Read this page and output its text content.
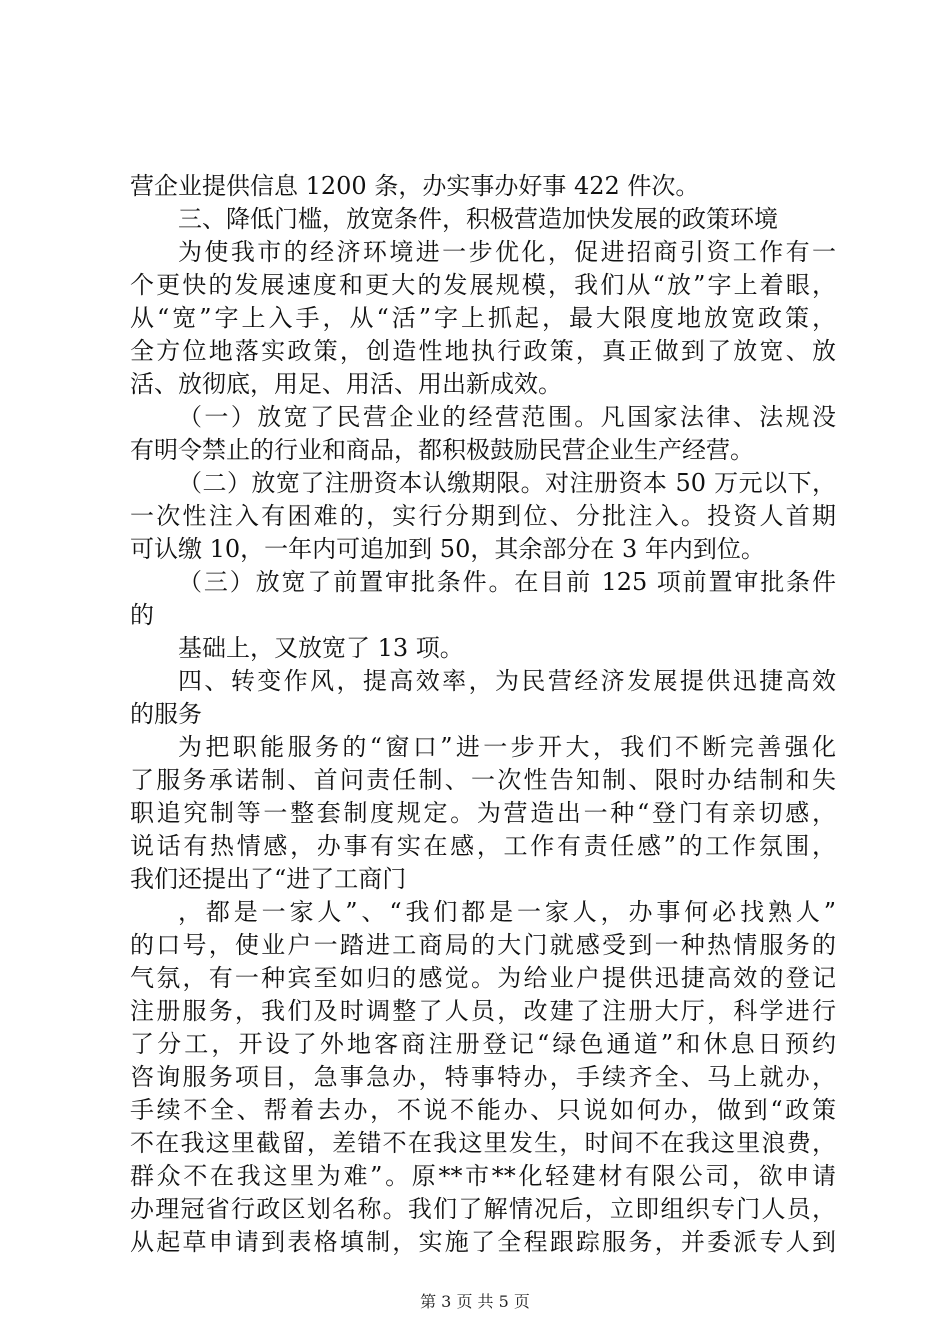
营企业提供信息 1200 条，办实事办好事 422 件次。
三、降低门槛，放宽条件，积极营造加快发展的政策环境
为使我市的经济环境进一步优化，促进招商引资工作有一
个更快的发展速度和更大的发展规模，我们从“放”字上着眼，
从“宽”字上入手，从“活”字上抓起，最大限度地放宽政策，
全方位地落实政策，创造性地执行政策，真正做到了放宽、放
活、放彻底，用足、用活、用出新成效。
（一）放宽了民营企业的经营范围。凡国家法律、法规没
有明令禁止的行业和商品，都积极鼓励民营企业生产经营。
（二）放宽了注册资本认缴期限。对注册资本 50 万元以下，
一次性注入有困难的，实行分期到位、分批注入。投资人首期
可认缴 10，一年内可追加到 50，其余部分在 3 年内到位。
（三）放宽了前置审批条件。在目前 125 项前置审批条件
的
基础上，又放宽了 13 项。
四、转变作风，提高效率，为民营经济发展提供迅捷高效
的服务
为把职能服务的“窗口”进一步开大，我们不断完善强化
了服务承诺制、首问责任制、一次性告知制、限时办结制和失
职追究制等一整套制度规定。为营造出一种“登门有亲切感，
说话有热情感，办事有实在感，工作有责任感”的工作氛围，
我们还提出了“进了工商门
，都是一家人”、“我们都是一家人，办事何必找熟人”
的口号，使业户一踏进工商局的大门就感受到一种热情服务的
气氛，有一种宾至如归的感觉。为给业户提供迅捷高效的登记
注册服务，我们及时调整了人员，改建了注册大厅，科学进行
了分工，开设了外地客商注册登记“绿色通道”和休息日预约
咨询服务项目，急事急办，特事特办，手续齐全、马上就办，
手续不全、帮着去办，不说不能办、只说如何办，做到“政策
不在我这里截留，差错不在我这里发生，时间不在我这里浪费，
群众不在我这里为难”。原**市**化轻建材有限公司，欲申请
办理冠省行政区划名称。我们了解情况后，立即组织专门人员，
从起草申请到表格填制，实施了全程跟踪服务，并委派专人到
第 3 页 共 5 页
